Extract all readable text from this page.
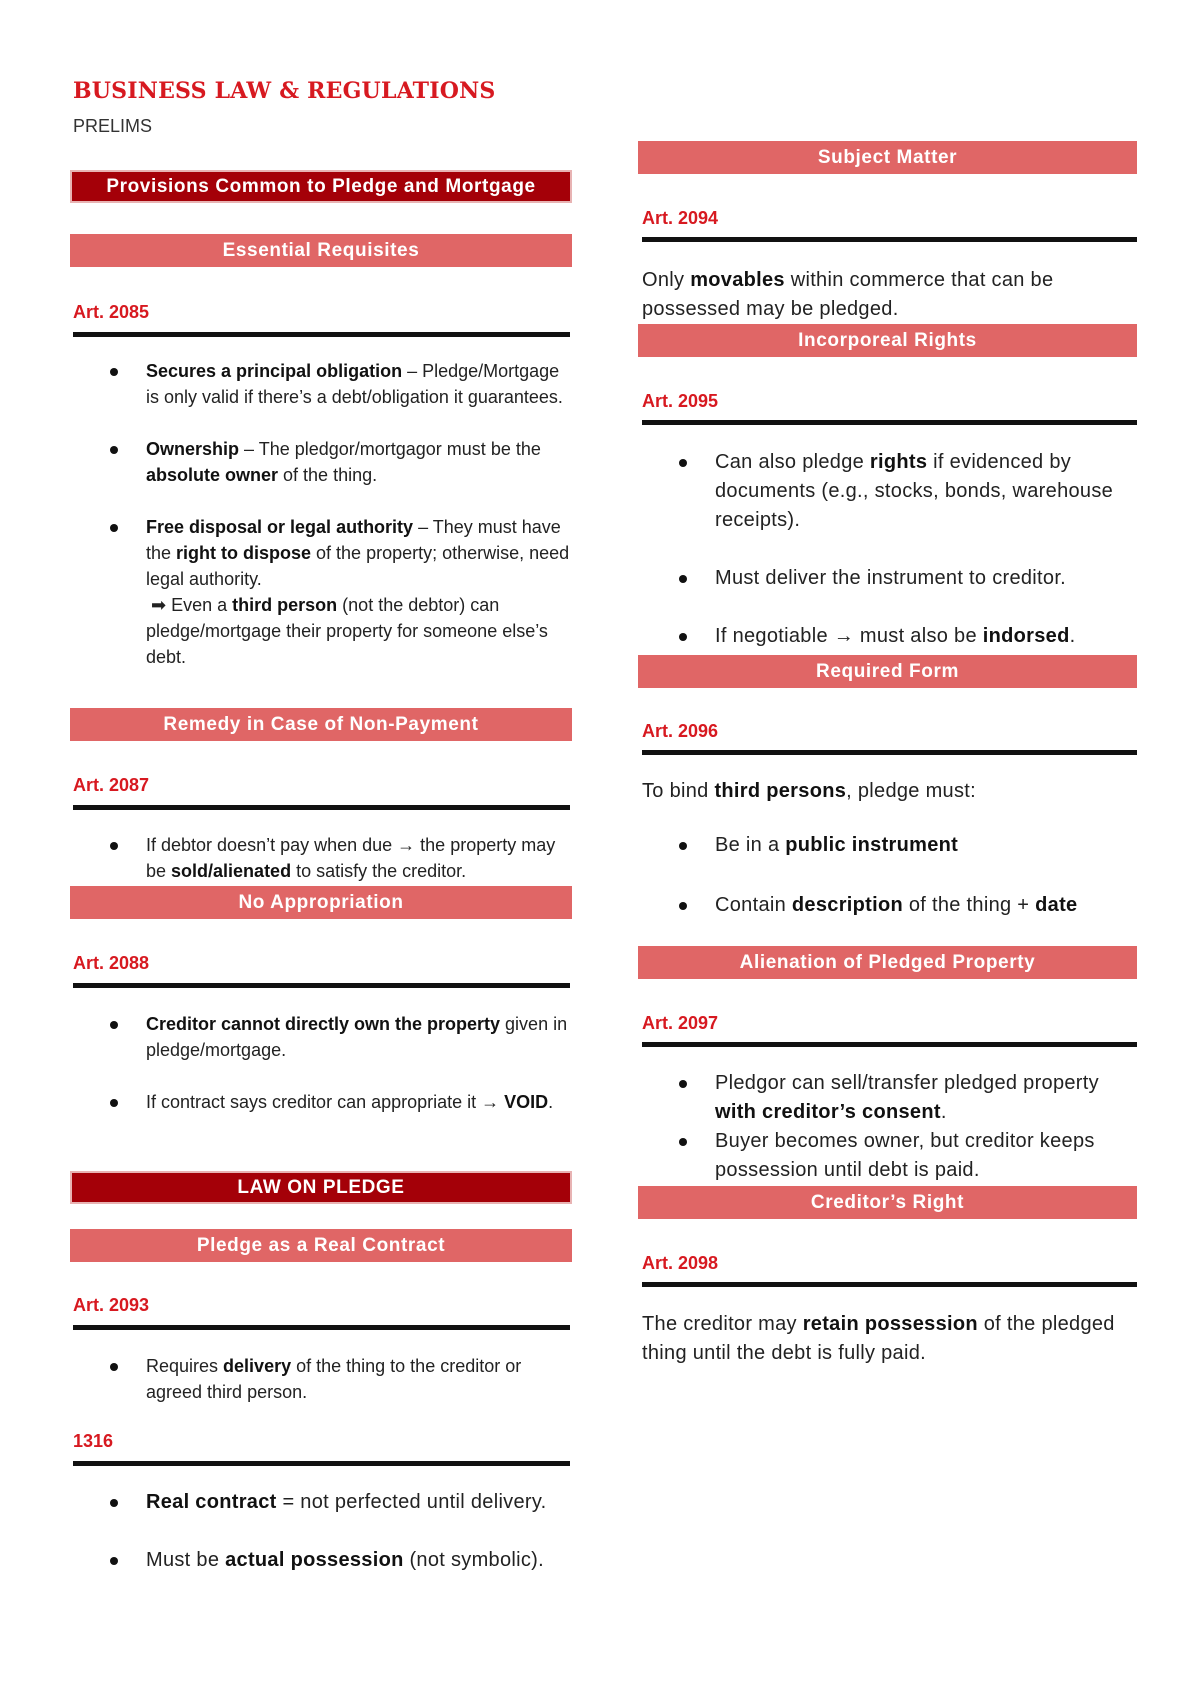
BUSINESS LAW & REGULATIONS
PRELIMS
Provisions Common to Pledge and Mortgage
Essential Requisites
Art. 2085
Secures a principal obligation – Pledge/Mortgage is only valid if there’s a debt/obligation it guarantees.
Ownership – The pledgor/mortgagor must be the absolute owner of the thing.
Free disposal or legal authority – They must have the right to dispose of the property; otherwise, need legal authority.
➡ Even a third person (not the debtor) can pledge/mortgage their property for someone else’s debt.
Remedy in Case of Non-Payment
Art. 2087
If debtor doesn’t pay when due → the property may be sold/alienated to satisfy the creditor.
No Appropriation
Art. 2088
Creditor cannot directly own the property given in pledge/mortgage.
If contract says creditor can appropriate it → VOID.
LAW ON PLEDGE
Pledge as a Real Contract
Art. 2093
Requires delivery of the thing to the creditor or agreed third person.
1316
Real contract = not perfected until delivery.
Must be actual possession (not symbolic).
Subject Matter
Art. 2094
Only movables within commerce that can be possessed may be pledged.
Incorporeal Rights
Art. 2095
Can also pledge rights if evidenced by documents (e.g., stocks, bonds, warehouse receipts).
Must deliver the instrument to creditor.
If negotiable → must also be indorsed.
Required Form
Art. 2096
To bind third persons, pledge must:
Be in a public instrument
Contain description of the thing + date
Alienation of Pledged Property
Art. 2097
Pledgor can sell/transfer pledged property with creditor’s consent.
Buyer becomes owner, but creditor keeps possession until debt is paid.
Creditor’s Right
Art. 2098
The creditor may retain possession of the pledged thing until the debt is fully paid.
